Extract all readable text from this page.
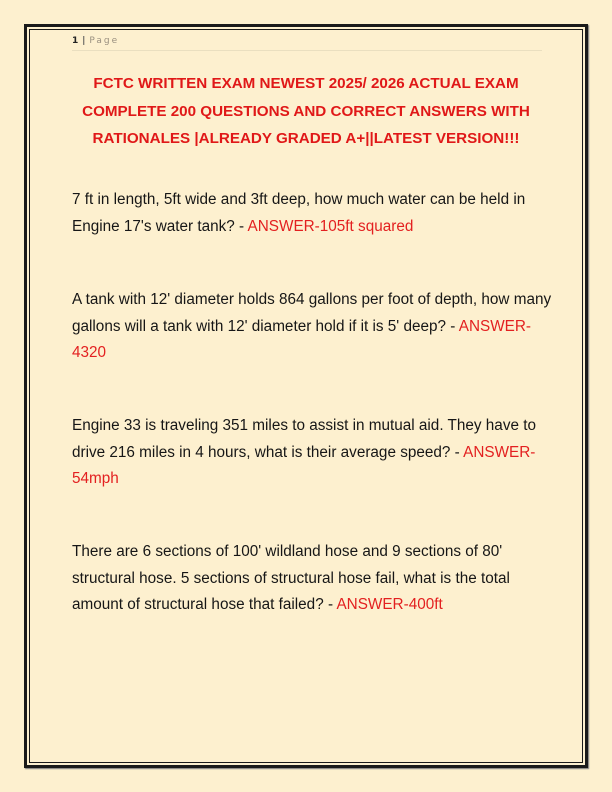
1 | Page
FCTC WRITTEN EXAM NEWEST 2025/ 2026 ACTUAL EXAM COMPLETE 200 QUESTIONS AND CORRECT ANSWERS WITH RATIONALES |ALREADY GRADED A+||LATEST VERSION!!!
7 ft in length, 5ft wide and 3ft deep, how much water can be held in Engine 17's water tank? - ANSWER-105ft squared
A tank with 12' diameter holds 864 gallons per foot of depth, how many gallons will a tank with 12' diameter hold if it is 5' deep? - ANSWER-4320
Engine 33 is traveling 351 miles to assist in mutual aid. They have to drive 216 miles in 4 hours, what is their average speed? - ANSWER-54mph
There are 6 sections of 100' wildland hose and 9 sections of 80' structural hose. 5 sections of structural hose fail, what is the total amount of structural hose that failed? - ANSWER-400ft
